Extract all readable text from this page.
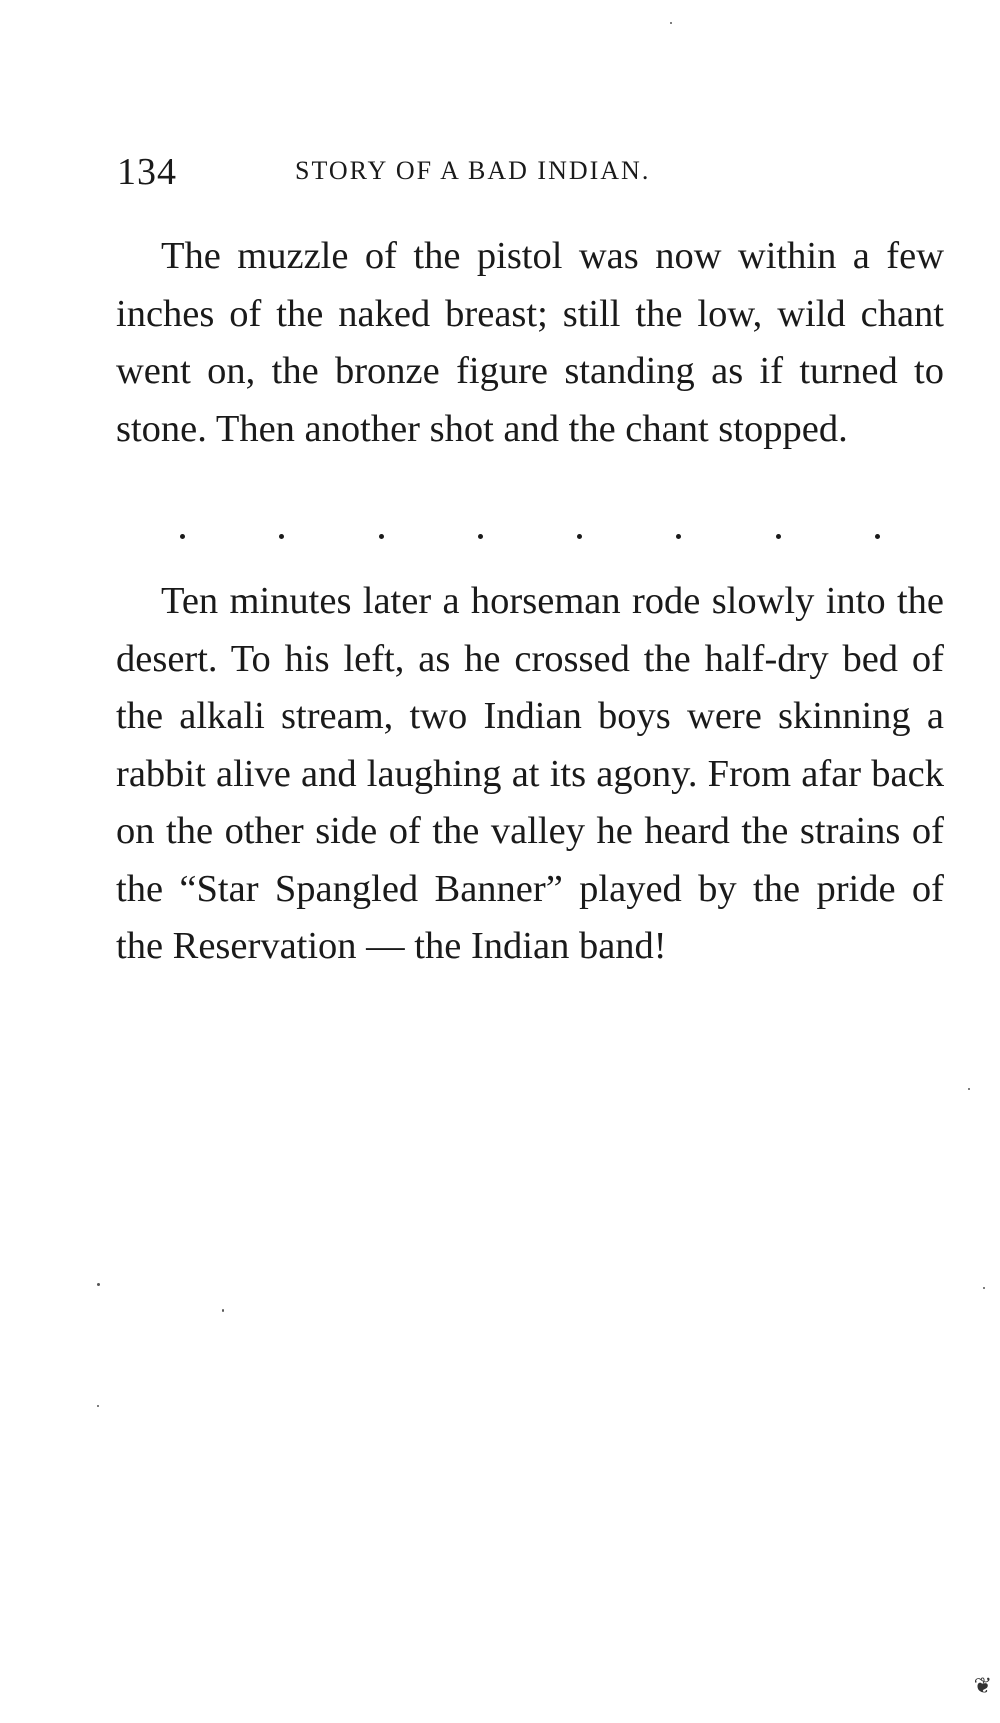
134	STORY OF A BAD INDIAN.

The muzzle of the pistol was now within a few inches of the naked breast; still the low, wild chant went on, the bronze figure standing as if turned to stone. Then another shot and the chant stopped.

Ten minutes later a horseman rode slowly into the desert. To his left, as he crossed the half-dry bed of the alkali stream, two Indian boys were skinning a rabbit alive and laughing at its agony. From afar back on the other side of the valley he heard the strains of the “Star Spangled Banner” played by the pride of the Reservation — the Indian band!

❦
